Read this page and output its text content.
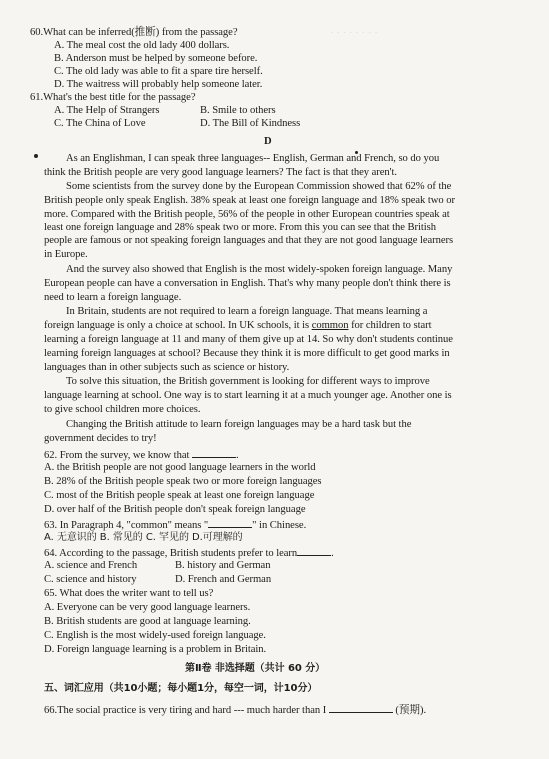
· · · · · · · ·
60.What can be inferred(推断) from the passage?
A. The meal cost the old lady 400 dollars.
B. Anderson must be helped by someone before.
C. The old lady was able to fit a spare tire herself.
D. The waitress will probably help someone later.
61.What's the best title for the passage?
A. The Help of Strangers	B. Smile to others
C. The China of Love	D. The Bill of Kindness
D
As an Englishman, I can speak three languages-- English, German and French, so do you
think the British people are very good language learners? The fact is that they aren't.
Some scientists from the survey done by the European Commission showed that 62% of the
British people only speak English. 38% speak at least one foreign language and 18% speak two or
more. Compared with the British people, 56% of the people in other European countries speak at
least one foreign language and 28% speak two or more. From this you can see that the British
people are famous or not speaking foreign languages and that they are not good language learners
in Europe.
And the survey also showed that English is the most widely-spoken foreign language. Many
European people can have a conversation in English. That's why many people don't think there is
need to learn a foreign language.
In Britain, students are not required to learn a foreign language. That means learning a
foreign language is only a choice at school. In UK schools, it is common for children to start
learning a foreign language at 11 and many of them give up at 14. So why don't students continue
learning foreign languages at school? Because they think it is more difficult to get good marks in
languages than in other subjects such as science or history.
To solve this situation, the British government is looking for different ways to improve
language learning at school. One way is to start learning it at a much younger age. Another one is
to give school children more choices.
Changing the British attitude to learn foreign languages may be a hard task but the
government decides to try!
62. From the survey, we know that	.
A. the British people are not good language learners in the world
B. 28% of the British people speak two or more foreign languages
C. most of the British people speak at least one foreign language
D. over half of the British people don't speak foreign language
63. In Paragraph 4, "common" means "	" in Chinese.
A. 无意识的 B. 常见的 C. 罕见的 D.可理解的
64. According to the passage, British students prefer to learn	.
A. science and French	B. history and German
C. science and history	D. French and German
65. What does the writer want to tell us?
A. Everyone can be very good language learners.
B. British students are good at language learning.
C. English is the most widely-used foreign language.
D. Foreign language learning is a problem in Britain.
第Ⅱ卷 非选择题（共计 60 分）
五、词汇应用（共10小题；每小题1分，每空一词，计10分）
66.The social practice is very tiring and hard --- much harder than I	(预期).
